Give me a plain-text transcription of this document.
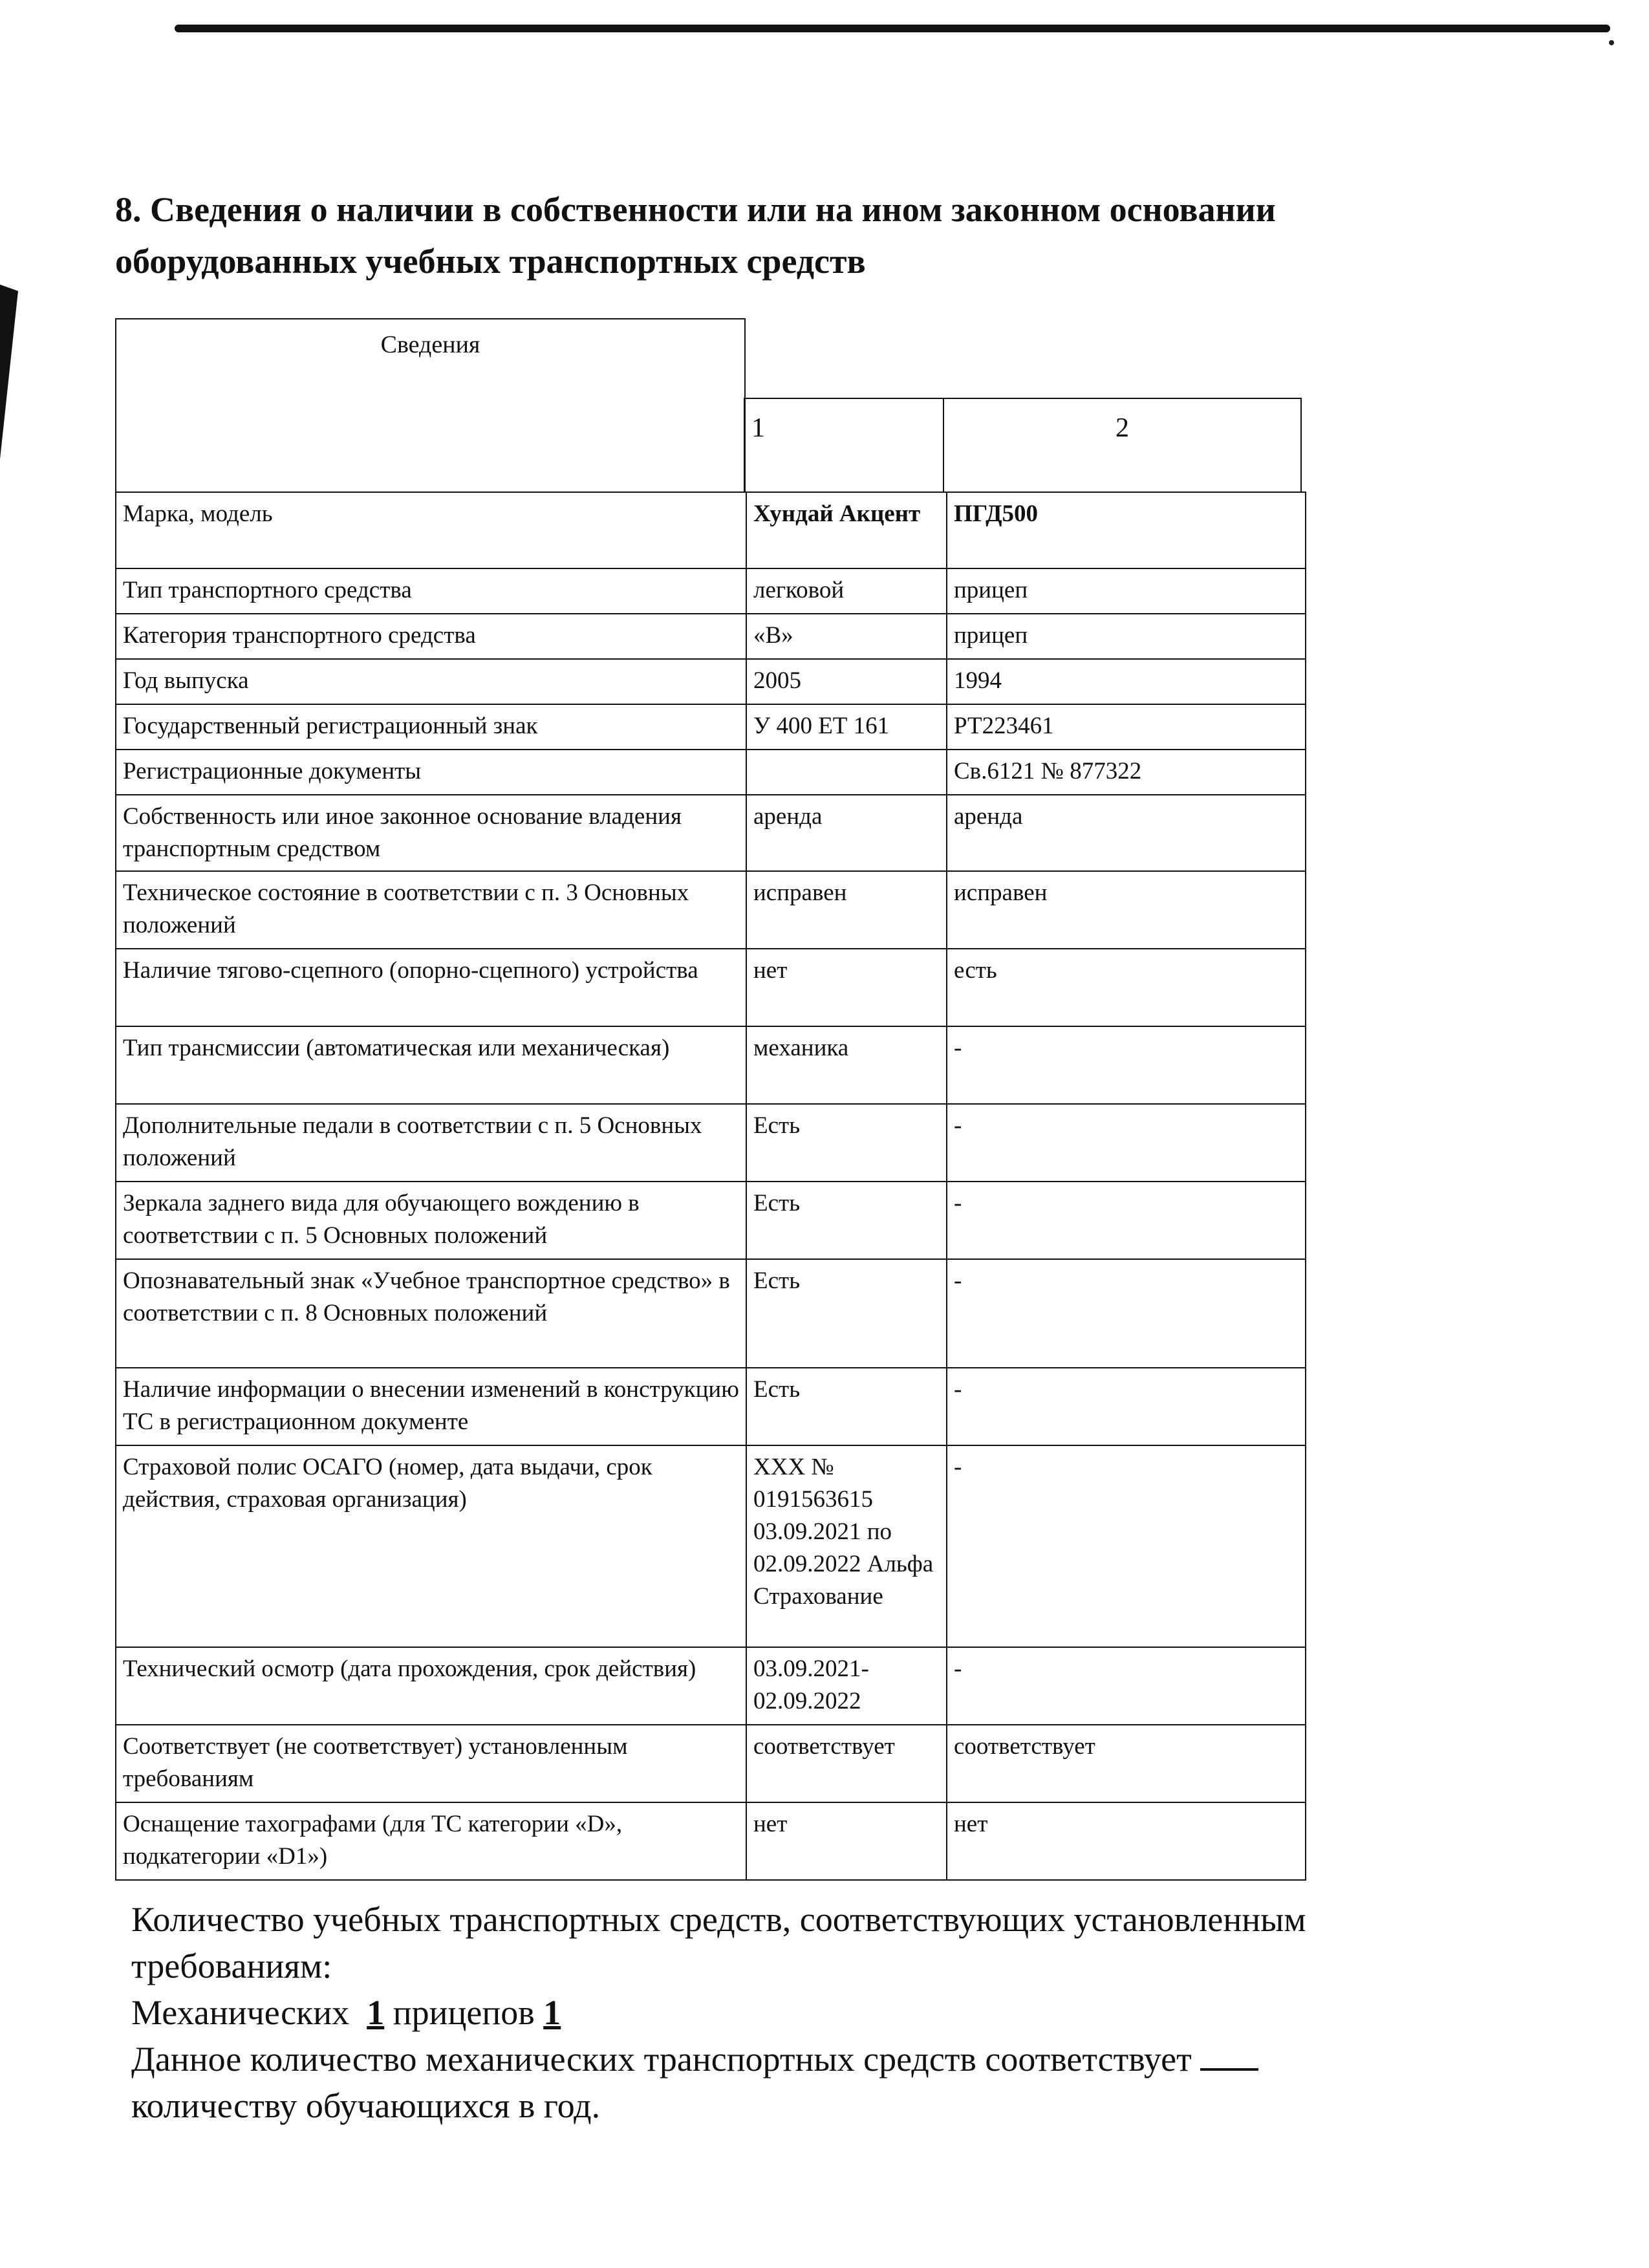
8. Сведения о наличии в собственности или на ином законном основании
оборудованных учебных транспортных средств
Сведения
1	2
Марка, модель	Хундай Акцент	ПГД500
Тип транспортного средства	легковой	прицеп
Категория транспортного средства	«В»	прицеп
Год выпуска	2005	1994
Государственный регистрационный знак	У 400 ЕТ 161	РТ223461
Регистрационные документы		Св.6121 № 877322
Собственность или иное законное основание владения транспортным средством	аренда	аренда
Техническое состояние в соответствии с п. 3 Основных положений	исправен	исправен
Наличие тягово-сцепного (опорно-сцепного) устройства	нет	есть
Тип трансмиссии (автоматическая или механическая)	механика	-
Дополнительные педали в соответствии с п. 5 Основных положений	Есть	-
Зеркала заднего вида для обучающего вождению в соответствии с п. 5 Основных положений	Есть	-
Опознавательный знак «Учебное транспортное средство» в соответствии с п. 8 Основных положений	Есть	-
Наличие информации о внесении изменений в конструкцию ТС в регистрационном документе	Есть	-
Страховой полис ОСАГО (номер, дата выдачи, срок действия, страховая организация)	ХХХ № 0191563615 03.09.2021 по 02.09.2022 Альфа Страхование	-
Технический осмотр (дата прохождения, срок действия)	03.09.2021- 02.09.2022	-
Соответствует (не соответствует) установленным требованиям	соответствует	соответствует
Оснащение тахографами (для ТС категории «D», подкатегории «D1»)	нет	нет

Количество учебных транспортных средств, соответствующих установленным

требованиям:

Механических 1 прицепов 1

Данное количество механических транспортных средств соответствует

количеству обучающихся в год.
